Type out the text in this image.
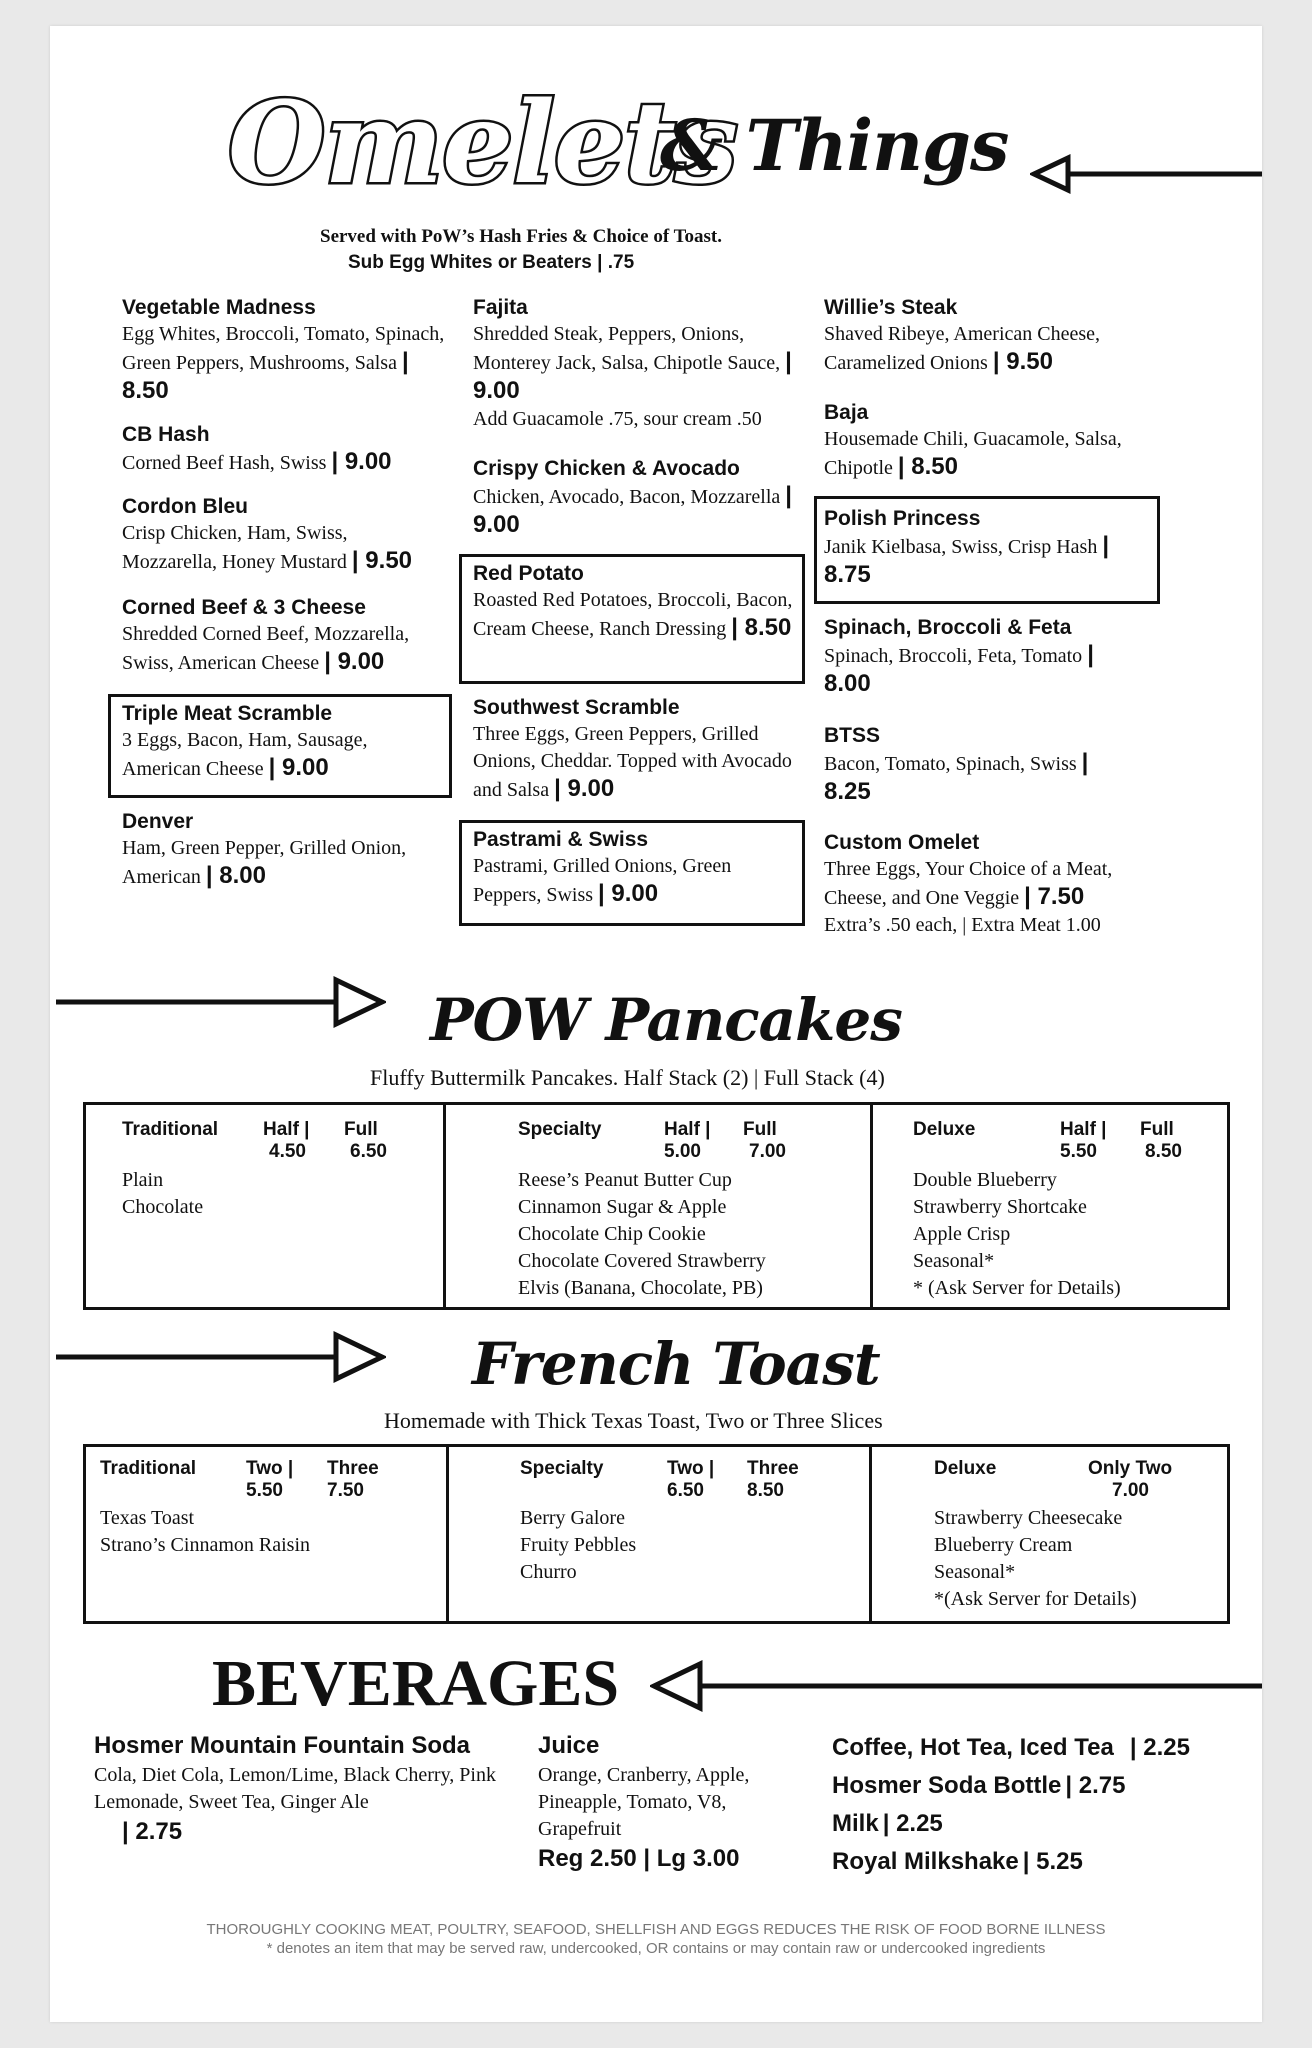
Omelets
& Things
Served with PoW’s Hash Fries & Choice of Toast.
Sub Egg Whites or Beaters | .75
Vegetable Madness
Egg Whites, Broccoli, Tomato, Spinach, Green Peppers, Mushrooms, Salsa | 8.50
CB Hash
Corned Beef Hash, Swiss | 9.00
Cordon Bleu
Crisp Chicken, Ham, Swiss, Mozzarella, Honey Mustard | 9.50
Corned Beef & 3 Cheese
Shredded Corned Beef, Mozzarella, Swiss, American Cheese | 9.00
Triple Meat Scramble
3 Eggs, Bacon, Ham, Sausage, American Cheese | 9.00
Denver
Ham, Green Pepper, Grilled Onion, American | 8.00
Fajita
Shredded Steak, Peppers, Onions, Monterey Jack, Salsa, Chipotle Sauce, | 9.00
Add Guacamole .75, sour cream .50
Crispy Chicken & Avocado
Chicken, Avocado, Bacon, Mozzarella | 9.00
Red Potato
Roasted Red Potatoes, Broccoli, Bacon, Cream Cheese, Ranch Dressing | 8.50
Southwest Scramble
Three Eggs, Green Peppers, Grilled Onions, Cheddar. Topped with Avocado and Salsa | 9.00
Pastrami & Swiss
Pastrami, Grilled Onions, Green Peppers, Swiss | 9.00
Willie’s Steak
Shaved Ribeye, American Cheese, Caramelized Onions | 9.50
Baja
Housemade Chili, Guacamole, Salsa, Chipotle | 8.50
Polish Princess
Janik Kielbasa, Swiss, Crisp Hash | 8.75
Spinach, Broccoli & Feta
Spinach, Broccoli, Feta, Tomato | 8.00
BTSS
Bacon, Tomato, Spinach, Swiss | 8.25
Custom Omelet
Three Eggs, Your Choice of a Meat, Cheese, and One Veggie | 7.50
Extra’s .50 each, | Extra Meat 1.00
POW Pancakes
Fluffy Buttermilk Pancakes. Half Stack (2) | Full Stack (4)
Traditional Half | Full
4.50 6.50
Plain
Chocolate
Specialty	Half | Full
5.00	7.00
Reese’s Peanut Butter Cup
Cinnamon Sugar & Apple
Chocolate Chip Cookie
Chocolate Covered Strawberry
Elvis (Banana, Chocolate, PB)
Deluxe	Half | Full
5.50	8.50
Double Blueberry
Strawberry Shortcake
Apple Crisp
Seasonal*
* (Ask Server for Details)
French Toast
Homemade with Thick Texas Toast, Two or Three Slices
Traditional	Two | Three
5.50 7.50
Texas Toast
Strano’s Cinnamon Raisin
Specialty	Two | Three
6.50 8.50
Berry Galore
Fruity Pebbles
Churro
Deluxe	Only Two
7.00
Strawberry Cheesecake
Blueberry Cream
Seasonal*
*(Ask Server for Details)
BEVERAGES
Hosmer Mountain Fountain Soda
Cola, Diet Cola, Lemon/Lime, Black Cherry, Pink Lemonade, Sweet Tea, Ginger Ale
| 2.75
Juice
Orange, Cranberry, Apple, Pineapple, Tomato, V8, Grapefruit
Reg 2.50 | Lg 3.00
Coffee, Hot Tea, Iced Tea | 2.25
Hosmer Soda Bottle | 2.75
Milk | 2.25
Royal Milkshake | 5.25
THOROUGHLY COOKING MEAT, POULTRY, SEAFOOD, SHELLFISH AND EGGS REDUCES THE RISK OF FOOD BORNE ILLNESS
* denotes an item that may be served raw, undercooked, OR contains or may contain raw or undercooked ingredients
